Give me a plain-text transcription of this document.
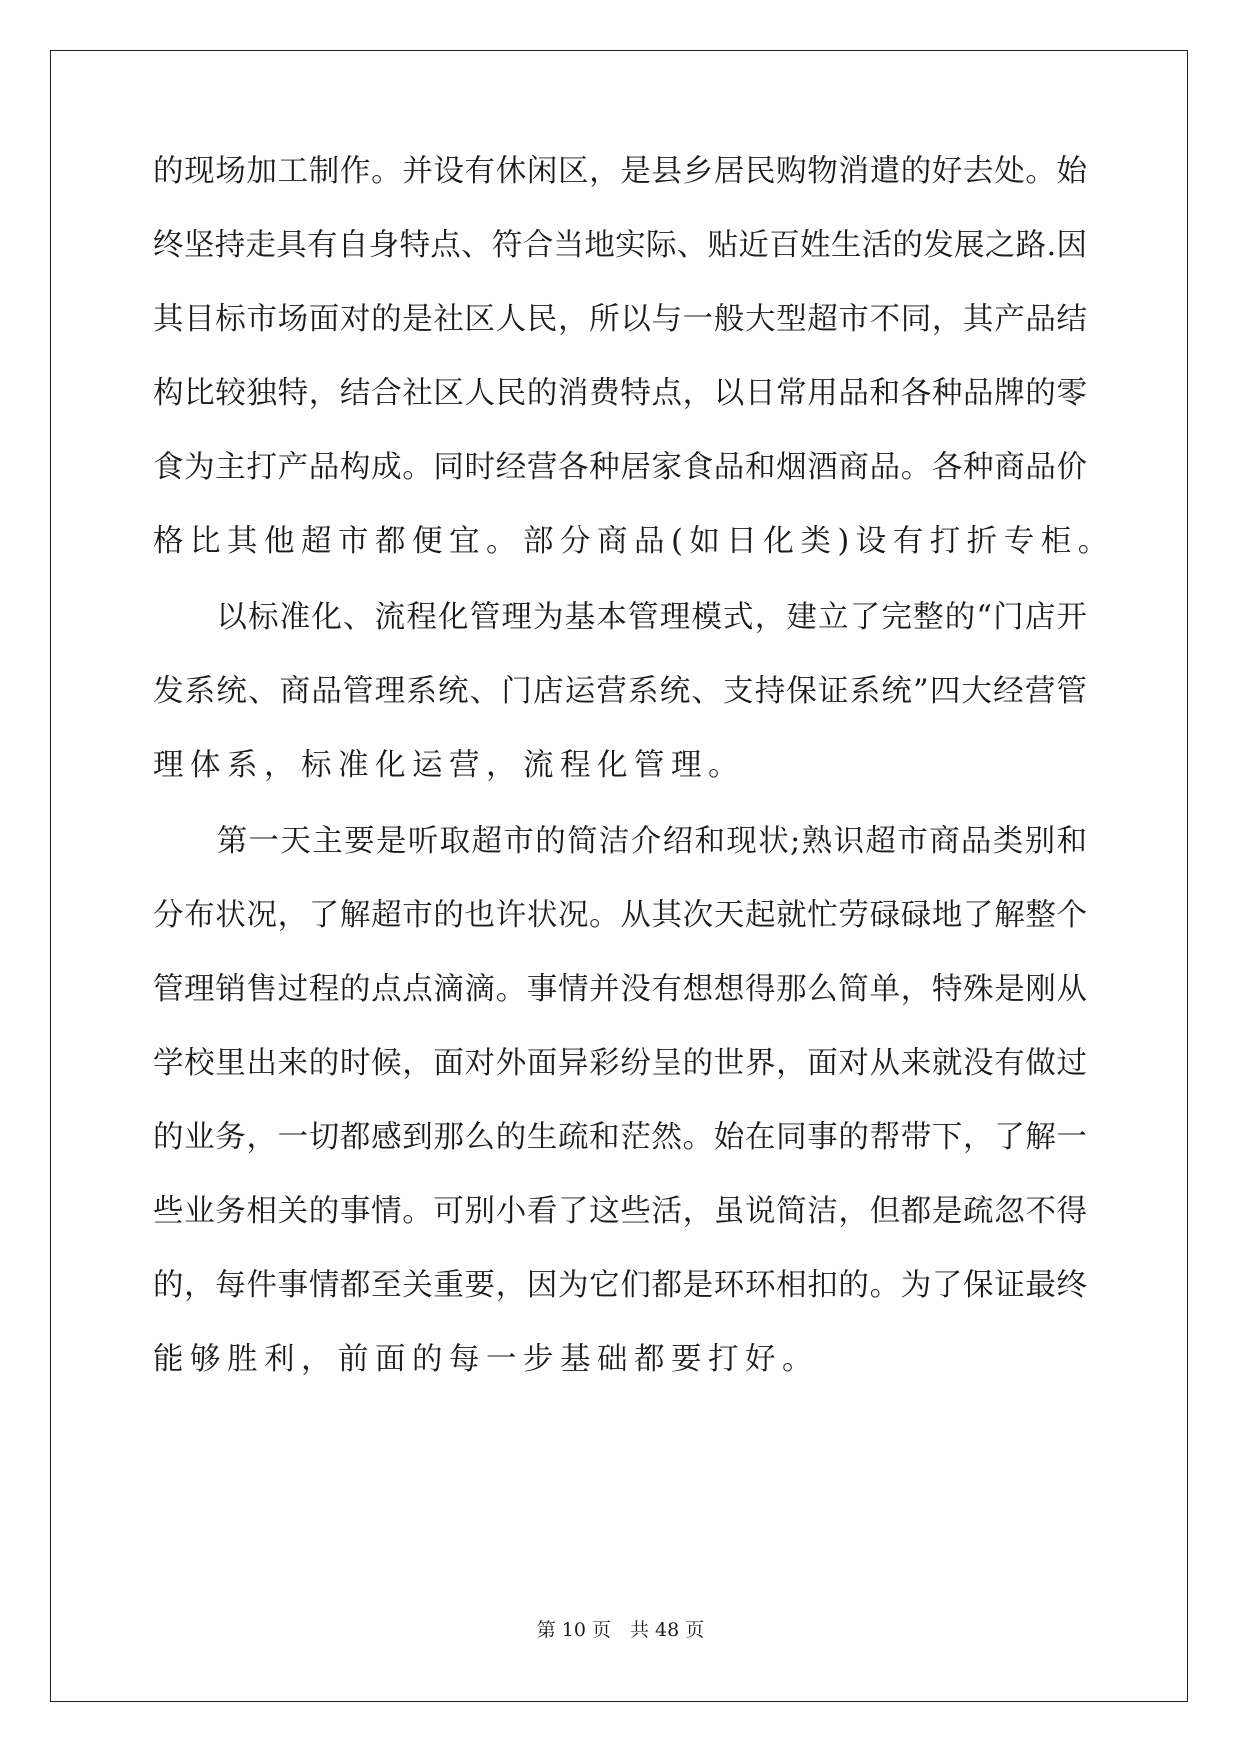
的现场加工制作。并设有休闲区，是县乡居民购物消遣的好去处。始
终坚持走具有自身特点、符合当地实际、贴近百姓生活的发展之路.因
其目标市场面对的是社区人民，所以与一般大型超市不同，其产品结
构比较独特，结合社区人民的消费特点，以日常用品和各种品牌的零
食为主打产品构成。同时经营各种居家食品和烟酒商品。各种商品价
格比其他超市都便宜。部分商品(如日化类)设有打折专柜。
　　以标准化、流程化管理为基本管理模式，建立了完整的“门店开
发系统、商品管理系统、门店运营系统、支持保证系统”四大经营管
理体系，标准化运营，流程化管理。
　　第一天主要是听取超市的简洁介绍和现状;熟识超市商品类别和
分布状况，了解超市的也许状况。从其次天起就忙劳碌碌地了解整个
管理销售过程的点点滴滴。事情并没有想想得那么简单，特殊是刚从
学校里出来的时候，面对外面异彩纷呈的世界，面对从来就没有做过
的业务，一切都感到那么的生疏和茫然。始在同事的帮带下，了解一
些业务相关的事情。可别小看了这些活，虽说简洁，但都是疏忽不得
的，每件事情都至关重要，因为它们都是环环相扣的。为了保证最终
能够胜利，前面的每一步基础都要打好。
第 10 页　共 48 页
